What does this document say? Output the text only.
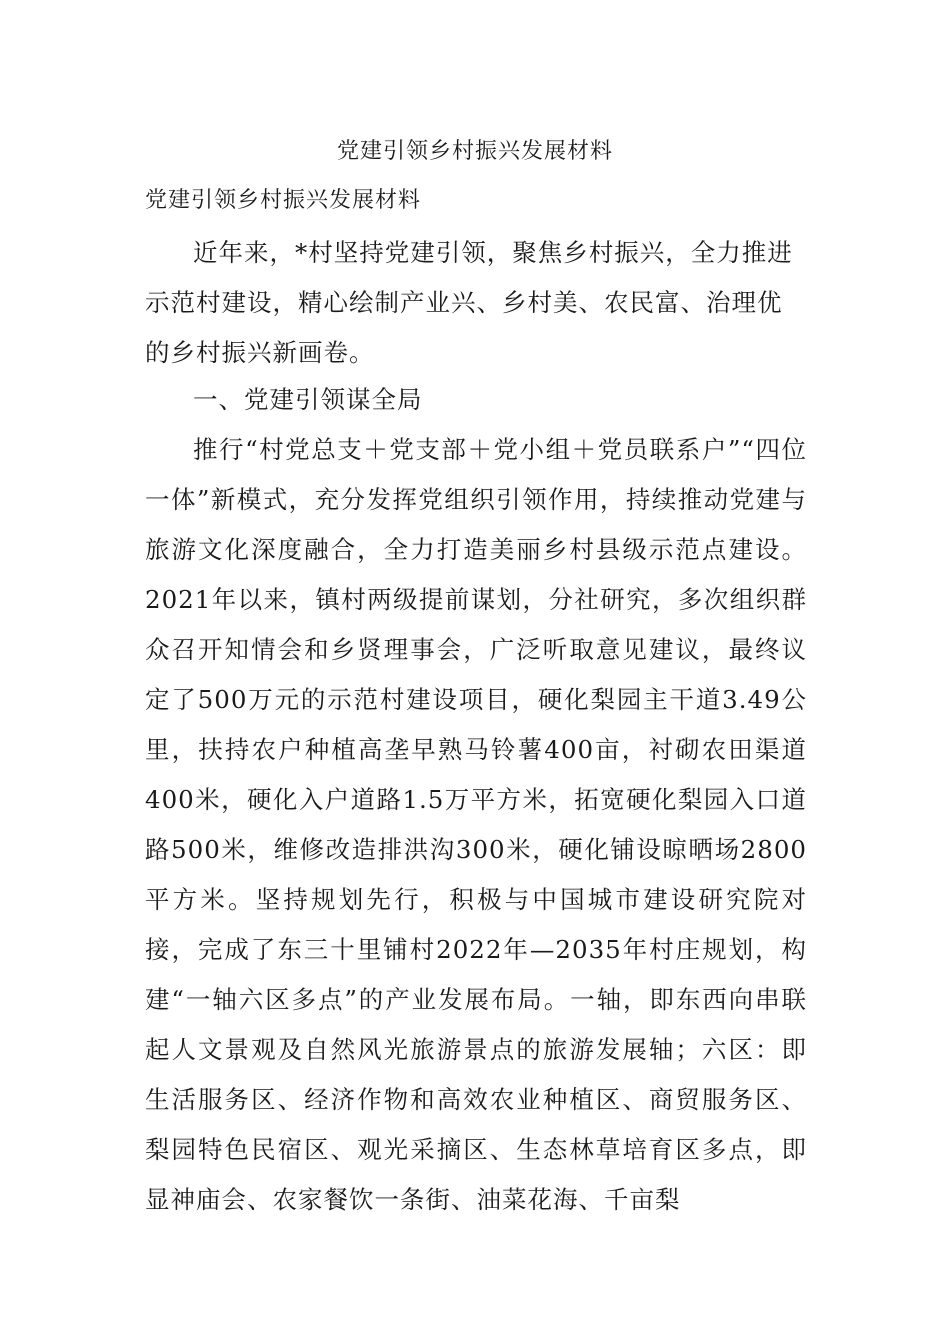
党建引领乡村振兴发展材料
党建引领乡村振兴发展材料

近年来，*村坚持党建引领，聚焦乡村振兴，全力推进示范村建设，精心绘制产业兴、乡村美、农民富、治理优的乡村振兴新画卷。

一、党建引领谋全局

推行“村党总支＋党支部＋党小组＋党员联系户”“四位一体”新模式，充分发挥党组织引领作用，持续推动党建与旅游文化深度融合，全力打造美丽乡村县级示范点建设。2021年以来，镇村两级提前谋划，分社研究，多次组织群众召开知情会和乡贤理事会，广泛听取意见建议，最终议定了500万元的示范村建设项目，硬化梨园主干道3.49公里，扶持农户种植高垄早熟马铃薯400亩，衬砌农田渠道400米，硬化入户道路1.5万平方米，拓宽硬化梨园入口道路500米，维修改造排洪沟300米，硬化铺设晾晒场2800平方米。坚持规划先行，积极与中国城市建设研究院对接，完成了东三十里铺村2022年—2035年村庄规划，构建“一轴六区多点”的产业发展布局。一轴，即东西向串联起人文景观及自然风光旅游景点的旅游发展轴；六区：即生活服务区、经济作物和高效农业种植区、商贸服务区、梨园特色民宿区、观光采摘区、生态林草培育区多点，即显神庙会、农家餐饮一条街、油菜花海、千亩梨
